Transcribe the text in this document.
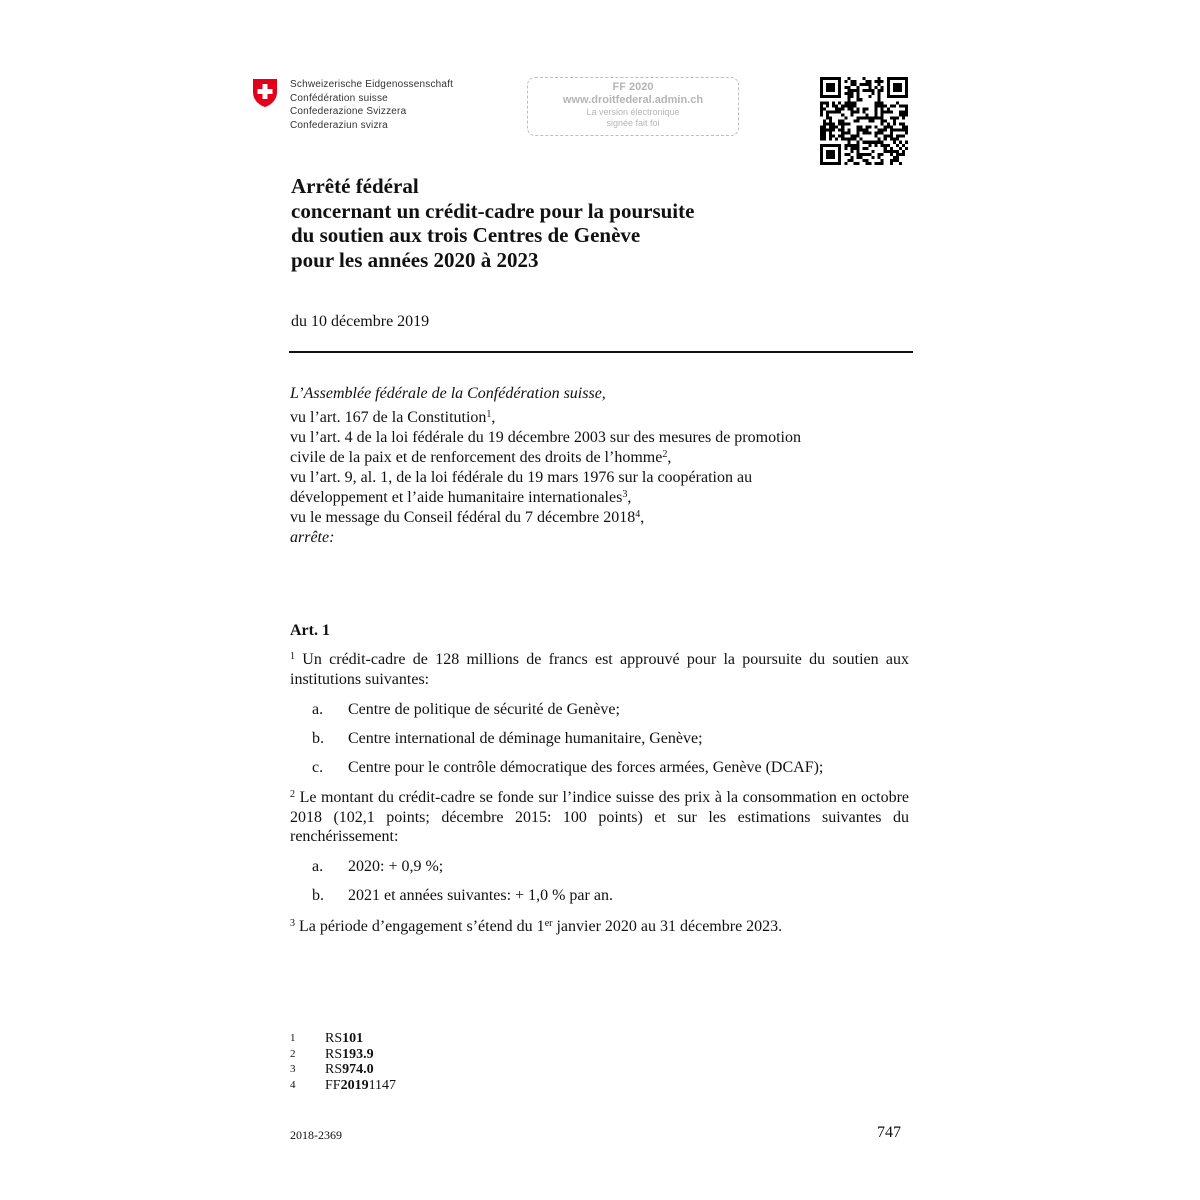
Schweizerische Eidgenossenschaft
Confédération suisse
Confederazione Svizzera
Confederaziun svizra
FF 2020
www.droitfederal.admin.ch
La version électronique
signée fait foi
Arrêté fédéral
concernant un crédit-cadre pour la poursuite
du soutien aux trois Centres de Genève
pour les années 2020 à 2023
du 10 décembre 2019
L’Assemblée fédérale de la Confédération suisse,
vu l’art. 167 de la Constitution$^1$,
vu l’art. 4 de la loi fédérale du 19 décembre 2003 sur des mesures de promotion
civile de la paix et de renforcement des droits de l’homme$^2$,
vu l’art. 9, al. 1, de la loi fédérale du 19 mars 1976 sur la coopération au
développement et l’aide humanitaire internationales$^3$,
vu le message du Conseil fédéral du 7 décembre 2018$^4$,
arrête:
Art. 1

$^1$ Un crédit-cadre de 128 millions de francs est approuvé pour la poursuite du soutien aux institutions suivantes:

a.	Centre de politique de sécurité de Genève;
b.	Centre international de déminage humanitaire, Genève;
c.	Centre pour le contrôle démocratique des forces armées, Genève (DCAF);

$^2$ Le montant du crédit-cadre se fonde sur l’indice suisse des prix à la consommation en octobre 2018 (102,1 points; décembre 2015: 100 points) et sur les estimations suivantes du renchérissement:

a.	2020: + 0,9 %;
b.	2021 et années suivantes: + 1,0 % par an.

$^3$ La période d’engagement s’étend du 1er janvier 2020 au 31 décembre 2023.

1	RS 101
2	RS 193.9
3	RS 974.0
4	FF 2019 1147
2018-2369	747
